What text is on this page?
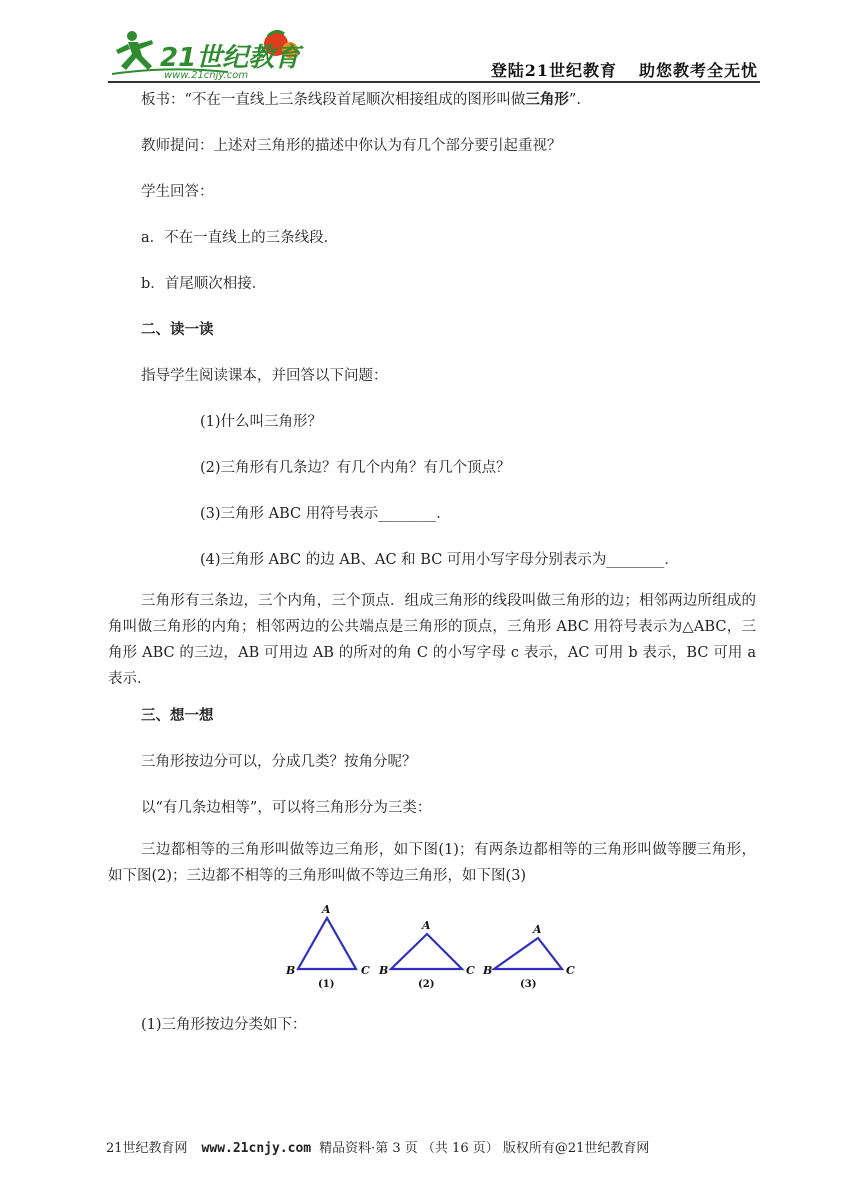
21世纪教育
www.21cnjy.com	登陆21世纪教育 助您教考全无忧
板书：“不在一直线上三条线段首尾顺次相接组成的图形叫做三角形”.
教师提问：上述对三角形的描述中你认为有几个部分要引起重视？
学生回答：
a．不在一直线上的三条线段．
b．首尾顺次相接．
二、读一读
指导学生阅读课本，并回答以下问题：
(1)什么叫三角形？
(2)三角形有几条边？有几个内角？有几个顶点？
(3)三角形 ABC 用符号表示________．
(4)三角形 ABC 的边 AB、AC 和 BC 可用小写字母分别表示为________．
三角形有三条边，三个内角，三个顶点．组成三角形的线段叫做三角形的边；相邻两边所组成的角叫做三角形的内角；相邻两边的公共端点是三角形的顶点，三角形 ABC 用符号表示为△ABC，三角形 ABC 的三边，AB 可用边 AB 的所对的角 C 的小写字母 c 表示，AC 可用 b 表示，BC 可用 a 表示．
三、想一想
三角形按边分可以，分成几类？按角分呢？
以“有几条边相等”，可以将三角形分为三类：
三边都相等的三角形叫做等边三角形，如下图(1)；有两条边都相等的三角形叫做等腰三角形，如下图(2)；三边都不相等的三角形叫做不等边三角形，如下图(3)
A
B	C
A
B	C
A
B	C
(1)	(2)	(3)
(1)三角形按边分类如下：
21世纪教育网 www.21cnjy.com 精品资料·第 3 页 （共 16 页） 版权所有@21世纪教育网
